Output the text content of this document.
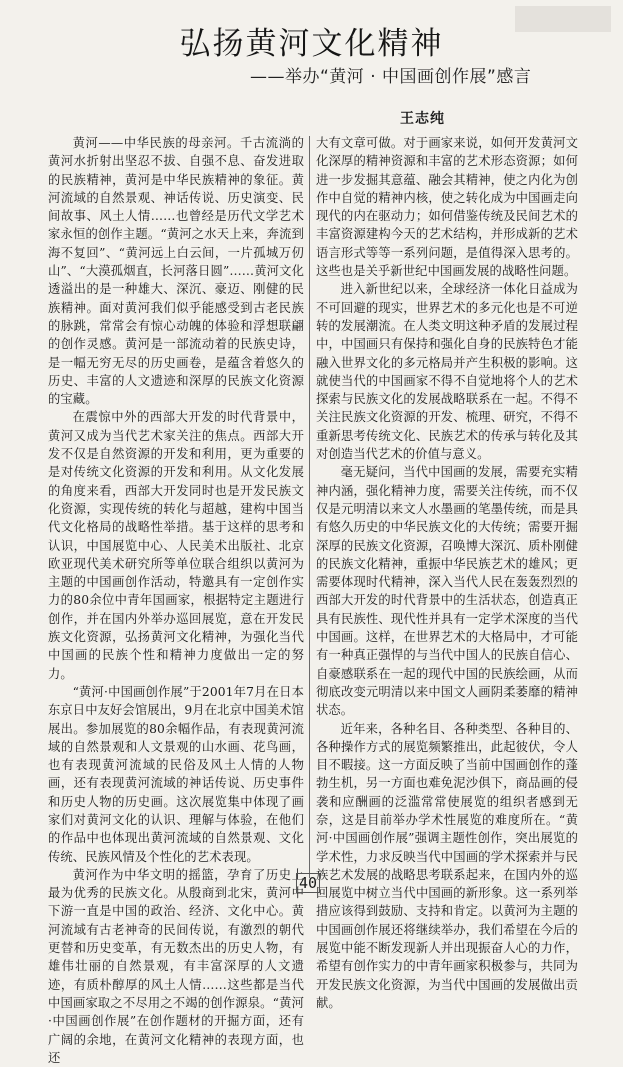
弘扬黄河文化精神
——举办“黄河 · 中国画创作展”感言
王志纯

黄河——中华民族的母亲河。千古流淌的黄河水折射出坚忍不拔、自强不息、奋发进取的民族精神，黄河是中华民族精神的象征。黄河流域的自然景观、神话传说、历史演变、民间故事、风土人情……也曾经是历代文学艺术家永恒的创作主题。“黄河之水天上来，奔流到海不复回”、“黄河远上白云间，一片孤城万仞山”、“大漠孤烟直，长河落日圆”……黄河文化透溢出的是一种雄大、深沉、豪迈、刚健的民族精神。面对黄河我们似乎能感受到古老民族的脉跳，常常会有惊心动魄的体验和浮想联翩的创作灵感。黄河是一部流动着的民族史诗，是一幅无穷无尽的历史画卷，是蕴含着悠久的历史、丰富的人文遗迹和深厚的民族文化资源的宝藏。

在震惊中外的西部大开发的时代背景中，黄河又成为当代艺术家关注的焦点。西部大开发不仅是自然资源的开发和利用，更为重要的是对传统文化资源的开发和利用。从文化发展的角度来看，西部大开发同时也是开发民族文化资源，实现传统的转化与超越，建构中国当代文化格局的战略性举措。基于这样的思考和认识，中国展览中心、人民美术出版社、北京欧亚现代美术研究所等单位联合组织以黄河为主题的中国画创作活动，特邀具有一定创作实力的80余位中青年国画家，根据特定主题进行创作，并在国内外举办巡回展览，意在开发民族文化资源，弘扬黄河文化精神，为强化当代中国画的民族个性和精神力度做出一定的努力。

“黄河·中国画创作展”于2001年7月在日本东京日中友好会馆展出，9月在北京中国美术馆展出。参加展览的80余幅作品，有表现黄河流域的自然景观和人文景观的山水画、花鸟画，也有表现黄河流域的民俗及风土人情的人物画，还有表现黄河流域的神话传说、历史事件和历史人物的历史画。这次展览集中体现了画家们对黄河文化的认识、理解与体验，在他们的作品中也体现出黄河流域的自然景观、文化传统、民族风情及个性化的艺术表现。

黄河作为中华文明的摇篮，孕育了历史上最为优秀的民族文化。从殷商到北宋，黄河中下游一直是中国的政治、经济、文化中心。黄河流域有古老神奇的民间传说，有激烈的朝代更替和历史变革，有无数杰出的历史人物，有雄伟壮丽的自然景观，有丰富深厚的人文遗迹，有质朴醇厚的风土人情……这些都是当代中国画家取之不尽用之不竭的创作源泉。“黄河·中国画创作展”在创作题材的开掘方面，还有广阔的余地，在黄河文化精神的表现方面，也还

大有文章可做。对于画家来说，如何开发黄河文化深厚的精神资源和丰富的艺术形态资源；如何进一步发掘其意蕴、融会其精神，使之内化为创作中自觉的精神内核，使之转化成为中国画走向现代的内在驱动力；如何借鉴传统及民间艺术的丰富资源建构今天的艺术结构，并形成新的艺术语言形式等等一系列问题，是值得深入思考的。这些也是关乎新世纪中国画发展的战略性问题。

进入新世纪以来，全球经济一体化日益成为不可回避的现实，世界艺术的多元化也是不可逆转的发展潮流。在人类文明这种矛盾的发展过程中，中国画只有保持和强化自身的民族特色才能融入世界文化的多元格局并产生积极的影响。这就使当代的中国画家不得不自觉地将个人的艺术探索与民族文化的发展战略联系在一起。不得不关注民族文化资源的开发、梳理、研究，不得不重新思考传统文化、民族艺术的传承与转化及其对创造当代艺术的价值与意义。

毫无疑问，当代中国画的发展，需要充实精神内涵，强化精神力度，需要关注传统，而不仅仅是元明清以来文人水墨画的笔墨传统，而是具有悠久历史的中华民族文化的大传统；需要开掘深厚的民族文化资源，召唤博大深沉、质朴刚健的民族文化精神，重振中华民族艺术的雄风；更需要体现时代精神，深入当代人民在轰轰烈烈的西部大开发的时代背景中的生活状态，创造真正具有民族性、现代性并具有一定学术深度的当代中国画。这样，在世界艺术的大格局中，才可能有一种真正强悍的与当代中国人的民族自信心、自豪感联系在一起的现代中国的民族绘画，从而彻底改变元明清以来中国文人画阴柔萎靡的精神状态。

近年来，各种名目、各种类型、各种目的、各种操作方式的展览频繁推出，此起彼伏，令人目不暇接。这一方面反映了当前中国画创作的蓬勃生机，另一方面也难免泥沙俱下，商品画的侵袭和应酬画的泛滥常常使展览的组织者感到无奈，这是目前举办学术性展览的难度所在。“黄河·中国画创作展”强调主题性创作，突出展览的学术性，力求反映当代中国画的学术探索并与民族艺术发展的战略思考联系起来，在国内外的巡回展览中树立当代中国画的新形象。这一系列举措应该得到鼓励、支持和肯定。以黄河为主题的中国画创作展还将继续举办，我们希望在今后的展览中能不断发现新人并出现振奋人心的力作，希望有创作实力的中青年画家积极参与，共同为开发民族文化资源，为当代中国画的发展做出贡献。

40
